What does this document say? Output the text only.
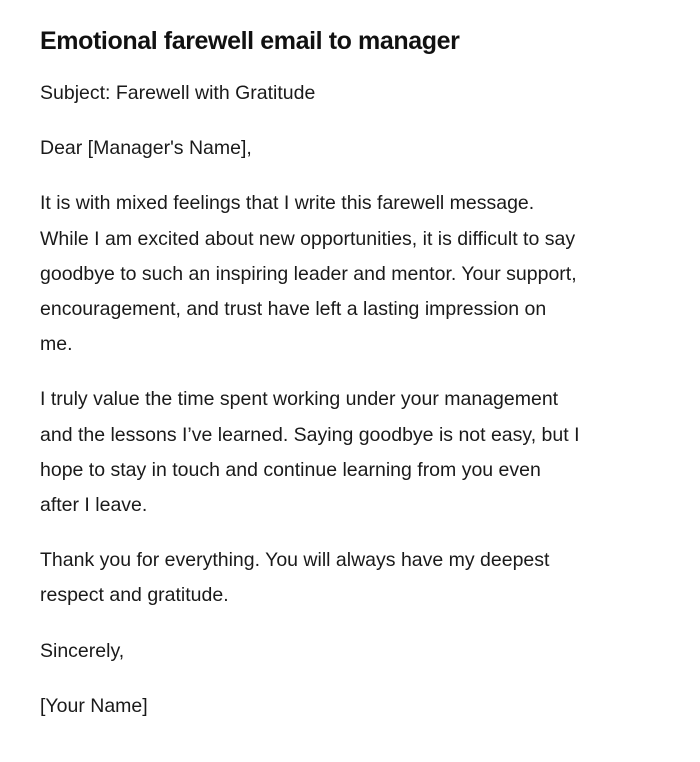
Emotional farewell email to manager

Subject: Farewell with Gratitude

Dear [Manager's Name],

It is with mixed feelings that I write this farewell message.

While I am excited about new opportunities, it is difficult to say

goodbye to such an inspiring leader and mentor. Your support,

encouragement, and trust have left a lasting impression on

me.

I truly value the time spent working under your management

and the lessons I’ve learned. Saying goodbye is not easy, but I

hope to stay in touch and continue learning from you even

after I leave.

Thank you for everything. You will always have my deepest

respect and gratitude.

Sincerely,

[Your Name]
